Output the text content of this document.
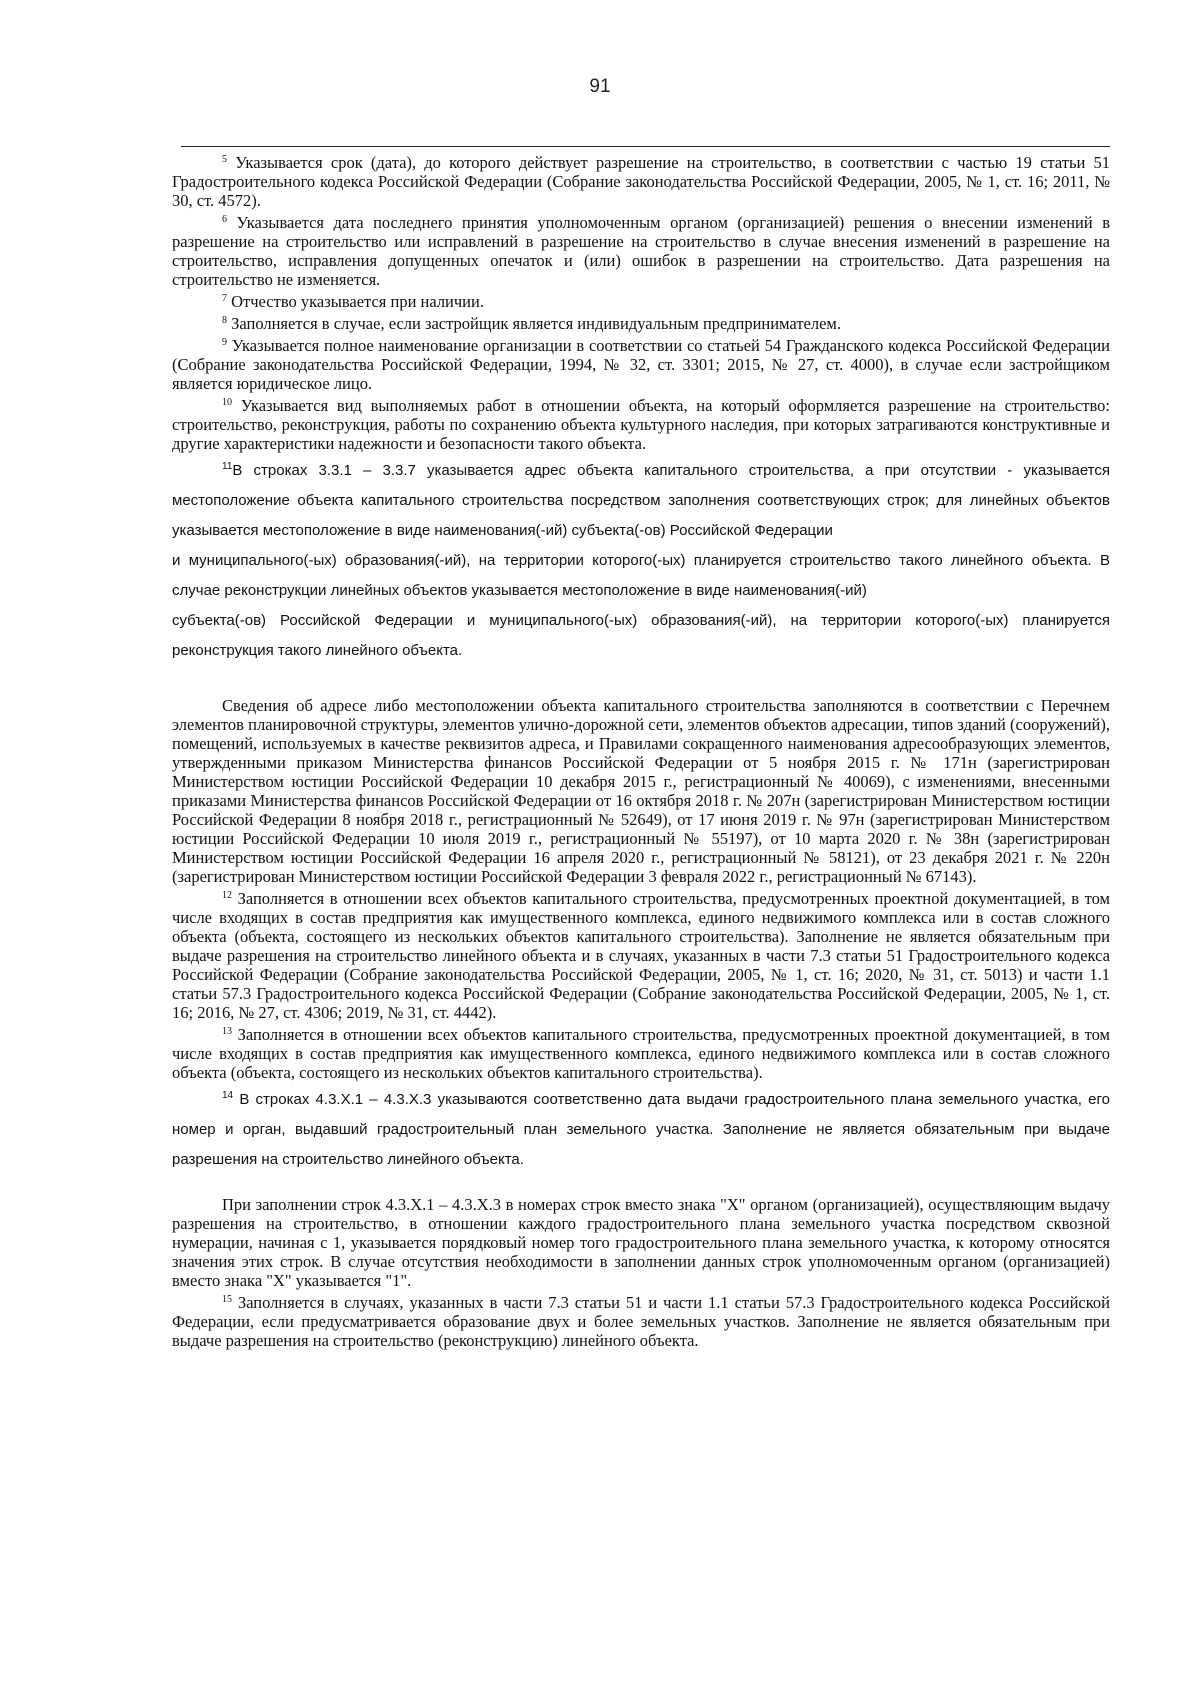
91

$^5$ Указывается срок (дата), до которого действует разрешение на строительство, в соответствии с частью 19 статьи 51 Градостроительного кодекса Российской Федерации (Собрание законодательства Российской Федерации, 2005, № 1, ст. 16; 2011, № 30, ст. 4572).

$^6$ Указывается дата последнего принятия уполномоченным органом (организацией) решения о внесении изменений в разрешение на строительство или исправлений в разрешение на строительство в случае внесения изменений в разрешение на строительство, исправления допущенных опечаток и (или) ошибок в разрешении на строительство. Дата разрешения на строительство не изменяется.

$^7$ Отчество указывается при наличии.

$^8$ Заполняется в случае, если застройщик является индивидуальным предпринимателем.

$^9$ Указывается полное наименование организации в соответствии со статьей 54 Гражданского кодекса Российской Федерации (Собрание законодательства Российской Федерации, 1994, № 32, ст. 3301; 2015, № 27, ст. 4000), в случае если застройщиком является юридическое лицо.

$^{10}$ Указывается вид выполняемых работ в отношении объекта, на который оформляется разрешение на строительство: строительство, реконструкция, работы по сохранению объекта культурного наследия, при которых затрагиваются конструктивные и другие характеристики надежности и безопасности такого объекта.

$^{11}$В строках 3.3.1 – 3.3.7 указывается адрес объекта капитального строительства, а при отсутствии - указывается местоположение объекта капитального строительства посредством заполнения соответствующих строк; для линейных объектов указывается местоположение в виде наименования(-ий) субъекта(-ов) Российской Федерации

и муниципального(-ых) образования(-ий), на территории которого(-ых) планируется строительство такого линейного объекта. В случае реконструкции линейных объектов указывается местоположение в виде наименования(-ий)

субъекта(-ов) Российской Федерации и муниципального(-ых) образования(-ий), на территории которого(-ых) планируется реконструкция такого линейного объекта.

Сведения об адресе либо местоположении объекта капитального строительства заполняются в соответствии с Перечнем элементов планировочной структуры, элементов улично-дорожной сети, элементов объектов адресации, типов зданий (сооружений), помещений, используемых в качестве реквизитов адреса, и Правилами сокращенного наименования адресообразующих элементов, утвержденными приказом Министерства финансов Российской Федерации от 5 ноября 2015 г. № 171н (зарегистрирован Министерством юстиции Российской Федерации 10 декабря 2015 г., регистрационный № 40069), с изменениями, внесенными приказами Министерства финансов Российской Федерации от 16 октября 2018 г. № 207н (зарегистрирован Министерством юстиции Российской Федерации 8 ноября 2018 г., регистрационный № 52649), от 17 июня 2019 г. № 97н (зарегистрирован Министерством юстиции Российской Федерации 10 июля 2019 г., регистрационный № 55197), от 10 марта 2020 г. № 38н (зарегистрирован Министерством юстиции Российской Федерации 16 апреля 2020 г., регистрационный № 58121), от 23 декабря 2021 г. № 220н (зарегистрирован Министерством юстиции Российской Федерации 3 февраля 2022 г., регистрационный № 67143).

$^{12}$ Заполняется в отношении всех объектов капитального строительства, предусмотренных проектной документацией, в том числе входящих в состав предприятия как имущественного комплекса, единого недвижимого комплекса или в состав сложного объекта (объекта, состоящего из нескольких объектов капитального строительства). Заполнение не является обязательным при выдаче разрешения на строительство линейного объекта и в случаях, указанных в части 7.3 статьи 51 Градостроительного кодекса Российской Федерации (Собрание законодательства Российской Федерации, 2005, № 1, ст. 16; 2020, № 31, ст. 5013) и части 1.1 статьи 57.3 Градостроительного кодекса Российской Федерации (Собрание законодательства Российской Федерации, 2005, № 1, ст. 16; 2016, № 27, ст. 4306; 2019, № 31, ст. 4442).

$^{13}$ Заполняется в отношении всех объектов капитального строительства, предусмотренных проектной документацией, в том числе входящих в состав предприятия как имущественного комплекса, единого недвижимого комплекса или в состав сложного объекта (объекта, состоящего из нескольких объектов капитального строительства).

$^{14}$ В строках 4.3.Х.1 – 4.3.Х.3 указываются соответственно дата выдачи градостроительного плана земельного участка, его номер и орган, выдавший градостроительный план земельного участка. Заполнение не является обязательным при выдаче разрешения на строительство линейного объекта.

При заполнении строк 4.3.Х.1 – 4.3.Х.3 в номерах строк вместо знака "Х" органом (организацией), осуществляющим выдачу разрешения на строительство, в отношении каждого градостроительного плана земельного участка посредством сквозной нумерации, начиная с 1, указывается порядковый номер того градостроительного плана земельного участка, к которому относятся значения этих строк. В случае отсутствия необходимости в заполнении данных строк уполномоченным органом (организацией) вместо знака "Х" указывается "1".

$^{15}$ Заполняется в случаях, указанных в части 7.3 статьи 51 и части 1.1 статьи 57.3 Градостроительного кодекса Российской Федерации, если предусматривается образование двух и более земельных участков. Заполнение не является обязательным при выдаче разрешения на строительство (реконструкцию) линейного объекта.
